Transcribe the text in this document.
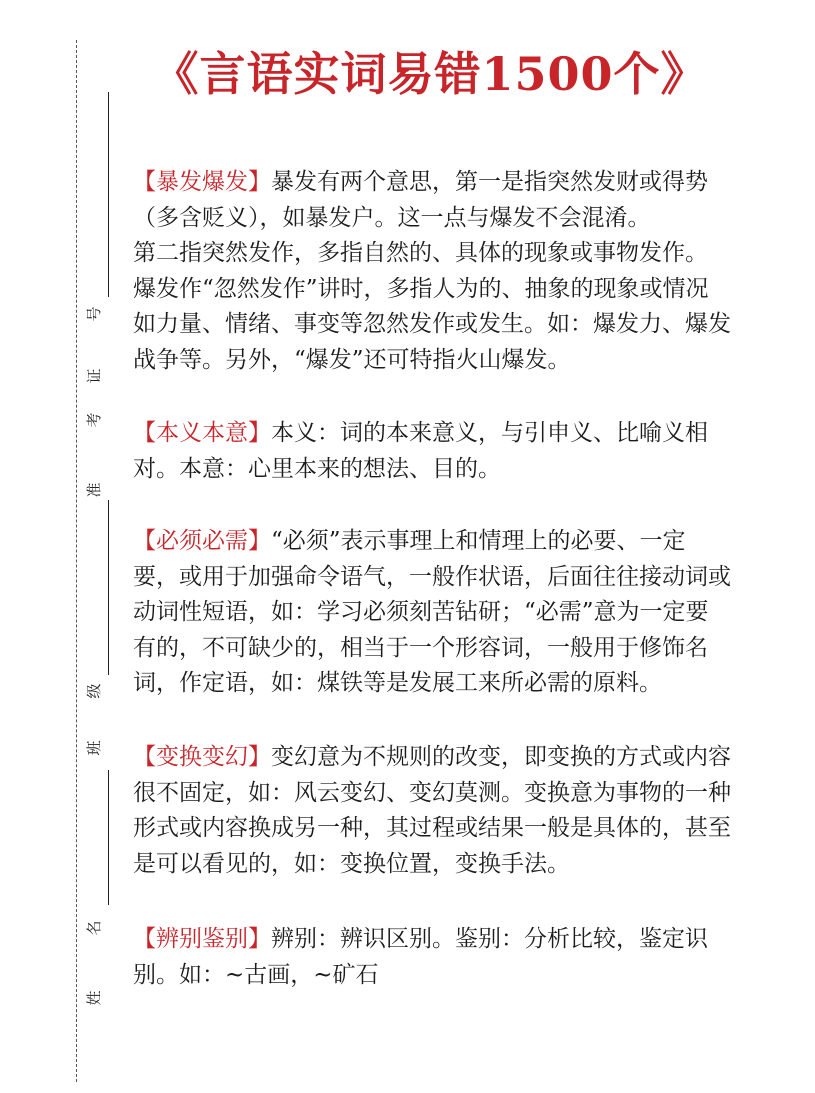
号
证
考
准
级
班
名
姓
《言语实词易错1500个》

【暴发爆发】暴发有两个意思，第一是指突然发财或得势

（多含贬义），如暴发户。这一点与爆发不会混淆。

第二指突然发作，多指自然的、具体的现象或事物发作。

爆发作“忽然发作”讲时，多指人为的、抽象的现象或情况

如力量、情绪、事变等忽然发作或发生。如：爆发力、爆发

战争等。另外，“爆发”还可特指火山爆发。

【本义本意】本义：词的本来意义，与引申义、比喻义相

对。本意：心里本来的想法、目的。

【必须必需】“必须”表示事理上和情理上的必要、一定

要，或用于加强命令语气，一般作状语，后面往往接动词或

动词性短语，如：学习必须刻苦钻研；“必需”意为一定要

有的，不可缺少的，相当于一个形容词，一般用于修饰名

词，作定语，如：煤铁等是发展工来所必需的原料。

【变换变幻】变幻意为不规则的改变，即变换的方式或内容

很不固定，如：风云变幻、变幻莫测。变换意为事物的一种

形式或内容换成另一种，其过程或结果一般是具体的，甚至

是可以看见的，如：变换位置，变换手法。

【辨别鉴别】辨别：辨识区别。鉴别：分析比较，鉴定识

别。如：~古画，~矿石
